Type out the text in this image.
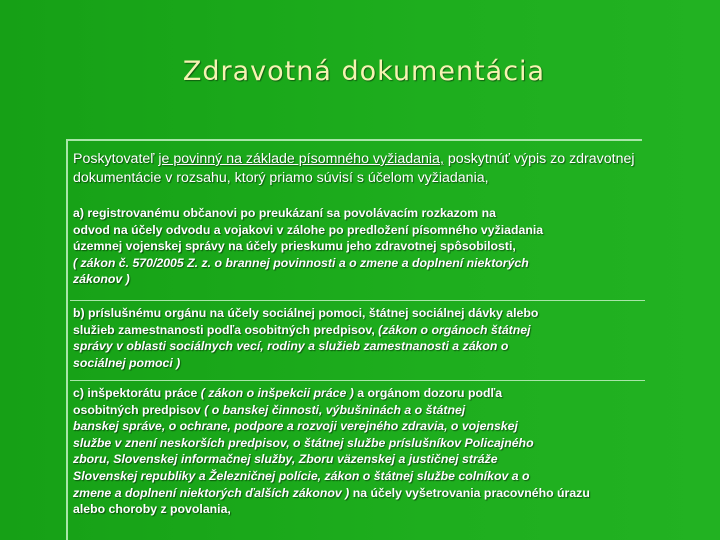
Zdravotná dokumentácia

Poskytovateľ je povinný na základe písomného vyžiadania, poskytnúť výpis zo zdravotnej dokumentácie v rozsahu, ktorý priamo súvisí s účelom vyžiadania,

a) registrovanému občanovi po preukázaní sa povolávacím rozkazom na
odvod na účely odvodu a vojakovi v zálohe po predložení písomného vyžiadania
územnej vojenskej správy na účely prieskumu jeho zdravotnej spôsobilosti,
( zákon č. 570/2005 Z. z. o brannej povinnosti a o zmene a doplnení niektorých
zákonov )
b) príslušnému orgánu na účely sociálnej pomoci, štátnej sociálnej dávky alebo
služieb zamestnanosti podľa osobitných predpisov, (zákon o orgánoch štátnej
správy v oblasti sociálnych vecí, rodiny a služieb zamestnanosti a zákon o
sociálnej pomoci )
c) inšpektorátu práce ( zákon o inšpekcii práce ) a orgánom dozoru podľa
osobitných predpisov ( o banskej činnosti, výbušninách a o štátnej
banskej správe, o ochrane, podpore a rozvoji verejného zdravia, o vojenskej
službe v znení neskorších predpisov, o štátnej službe príslušníkov Policajného
zboru, Slovenskej informačnej služby, Zboru väzenskej a justičnej stráže
Slovenskej republiky a Železničnej polície, zákon o štátnej službe colníkov a o
zmene a doplnení niektorých ďalších zákonov ) na účely vyšetrovania pracovného úrazu
alebo choroby z povolania,
